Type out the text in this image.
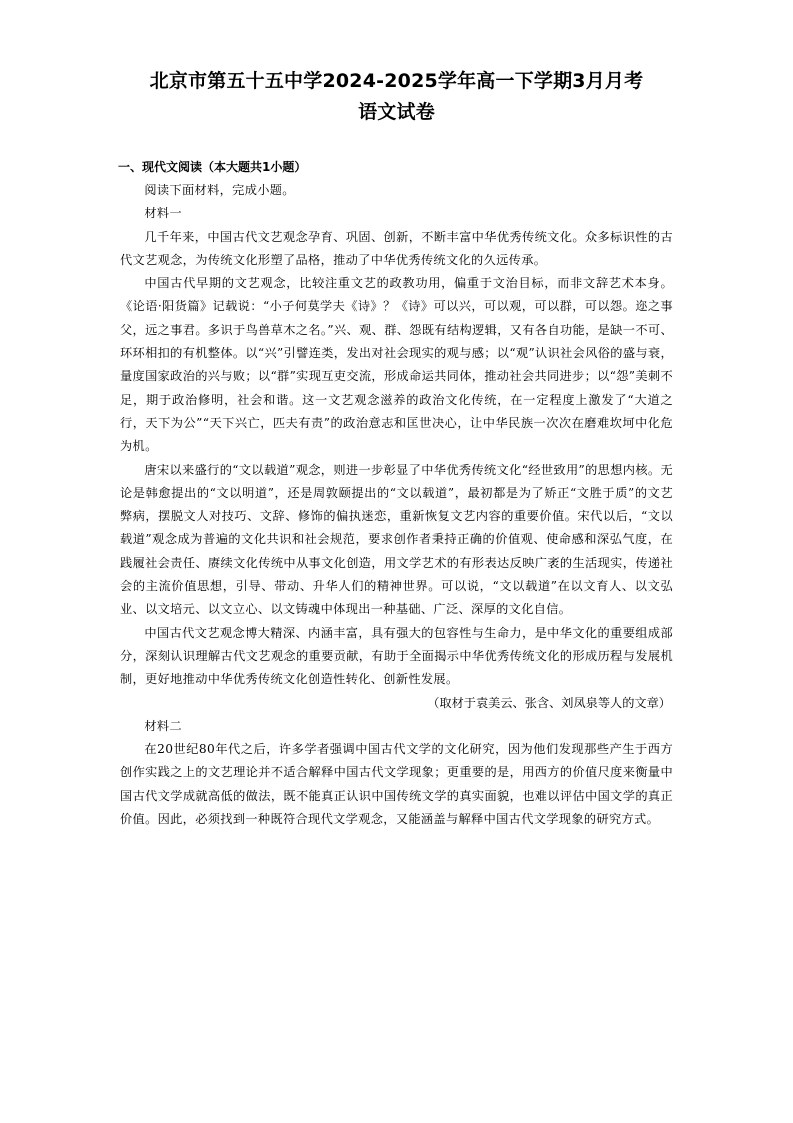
北京市第五十五中学2024-2025学年高一下学期3月月考
语文试卷
一、现代文阅读（本大题共1小题）

阅读下面材料，完成小题。

材料一

几千年来，中国古代文艺观念孕育、巩固、创新，不断丰富中华优秀传统文化。众多标识性的古代文艺观念，为传统文化形塑了品格，推动了中华优秀传统文化的久远传承。

中国古代早期的文艺观念，比较注重文艺的政教功用，偏重于文治目标，而非文辞艺术本身。《论语·阳货篇》记载说：“小子何莫学夫《诗》？《诗》可以兴，可以观，可以群，可以怨。迩之事父，远之事君。多识于鸟兽草木之名。”兴、观、群、怨既有结构逻辑，又有各自功能，是缺一不可、环环相扣的有机整体。以“兴”引譬连类，发出对社会现实的观与感；以“观”认识社会风俗的盛与衰，量度国家政治的兴与败；以“群”实现互吏交流，形成命运共同体，推动社会共同进步；以“怨”美刺不足，期于政治修明，社会和谐。这一文艺观念滋养的政治文化传统，在一定程度上激发了“大道之行，天下为公”“天下兴亡，匹夫有责”的政治意志和匡世决心，让中华民族一次次在磨难坎坷中化危为机。

唐宋以来盛行的“文以载道”观念，则进一步彰显了中华优秀传统文化“经世致用”的思想内核。无论是韩愈提出的“文以明道”，还是周敦颐提出的“文以载道”，最初都是为了矫正“文胜于质”的文艺弊病，摆脱文人对技巧、文辞、修饰的偏执迷恋，重新恢复文艺内容的重要价值。宋代以后，“文以载道”观念成为普遍的文化共识和社会规范，要求创作者秉持正确的价值观、使命感和深弘气度，在践履社会责任、赓续文化传统中从事文化创造，用文学艺术的有形表达反映广袤的生活现实，传递社会的主流价值思想，引导、带动、升华人们的精神世界。可以说，“文以载道”在以文育人、以文弘业、以文培元、以文立心、以文铸魂中体现出一种基础、广泛、深厚的文化自信。

中国古代文艺观念博大精深、内涵丰富，具有强大的包容性与生命力，是中华文化的重要组成部分，深刻认识理解古代文艺观念的重要贡献，有助于全面揭示中华优秀传统文化的形成历程与发展机制，更好地推动中华优秀传统文化创造性转化、创新性发展。

（取材于袁美云、张含、刘凤泉等人的文章）

材料二

在20世纪80年代之后，许多学者强调中国古代文学的文化研究，因为他们发现那些产生于西方创作实践之上的文艺理论并不适合解释中国古代文学现象；更重要的是，用西方的价值尺度来衡量中国古代文学成就高低的做法，既不能真正认识中国传统文学的真实面貌，也难以评估中国文学的真正价值。因此，必须找到一种既符合现代文学观念，又能涵盖与解释中国古代文学现象的研究方式。
